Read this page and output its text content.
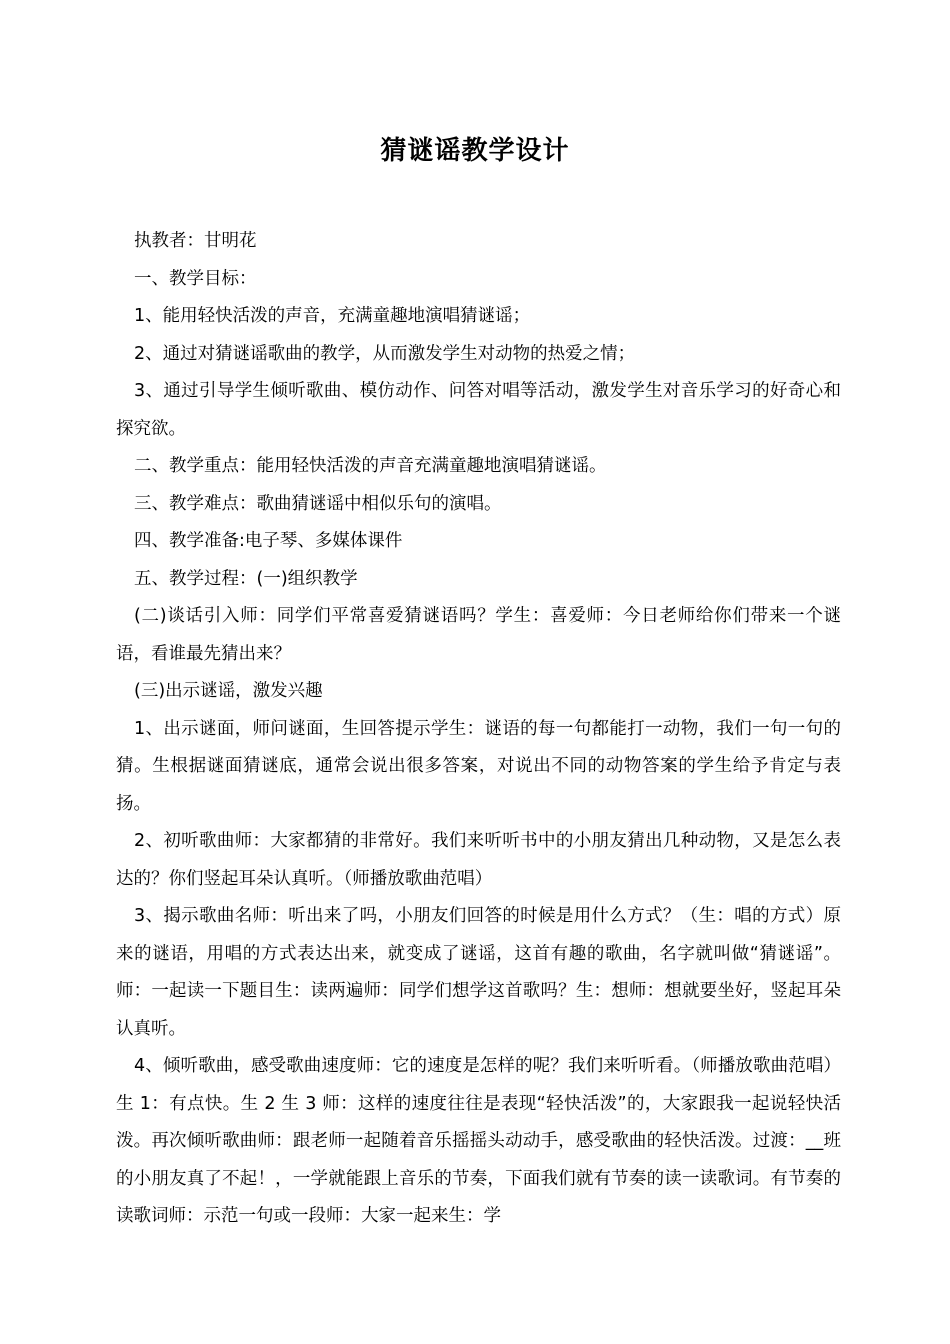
猜谜谣教学设计

执教者：甘明花

一、教学目标：

1、能用轻快活泼的声音，充满童趣地演唱猜谜谣；

2、通过对猜谜谣歌曲的教学，从而激发学生对动物的热爱之情；

3、通过引导学生倾听歌曲、模仿动作、问答对唱等活动，激发学生对音乐学习的好奇心和探究欲。

二、教学重点：能用轻快活泼的声音充满童趣地演唱猜谜谣。

三、教学难点：歌曲猜谜谣中相似乐句的演唱。

四、教学准备:电子琴、多媒体课件

五、教学过程：(一)组织教学

(二)谈话引入师：同学们平常喜爱猜谜语吗？学生：喜爱师：今日老师给你们带来一个谜语，看谁最先猜出来？

(三)出示谜谣，激发兴趣

1、出示谜面，师问谜面，生回答提示学生：谜语的每一句都能打一动物，我们一句一句的猜。生根据谜面猜谜底，通常会说出很多答案，对说出不同的动物答案的学生给予肯定与表扬。

2、初听歌曲师：大家都猜的非常好。我们来听听书中的小朋友猜出几种动物，又是怎么表达的？你们竖起耳朵认真听。（师播放歌曲范唱）

3、揭示歌曲名师：听出来了吗，小朋友们回答的时候是用什么方式？（生：唱的方式）原来的谜语，用唱的方式表达出来，就变成了谜谣，这首有趣的歌曲，名字就叫做“猜谜谣”。师：一起读一下题目生：读两遍师：同学们想学这首歌吗？生：想师：想就要坐好，竖起耳朵认真听。

4、倾听歌曲，感受歌曲速度师：它的速度是怎样的呢？我们来听听看。（师播放歌曲范唱）生 1：有点快。生 2 生 3 师：这样的速度往往是表现“轻快活泼”的，大家跟我一起说轻快活泼。再次倾听歌曲师：跟老师一起随着音乐摇摇头动动手，感受歌曲的轻快活泼。过渡：__班的小朋友真了不起！，一学就能跟上音乐的节奏，下面我们就有节奏的读一读歌词。有节奏的读歌词师：示范一句或一段师：大家一起来生：学
